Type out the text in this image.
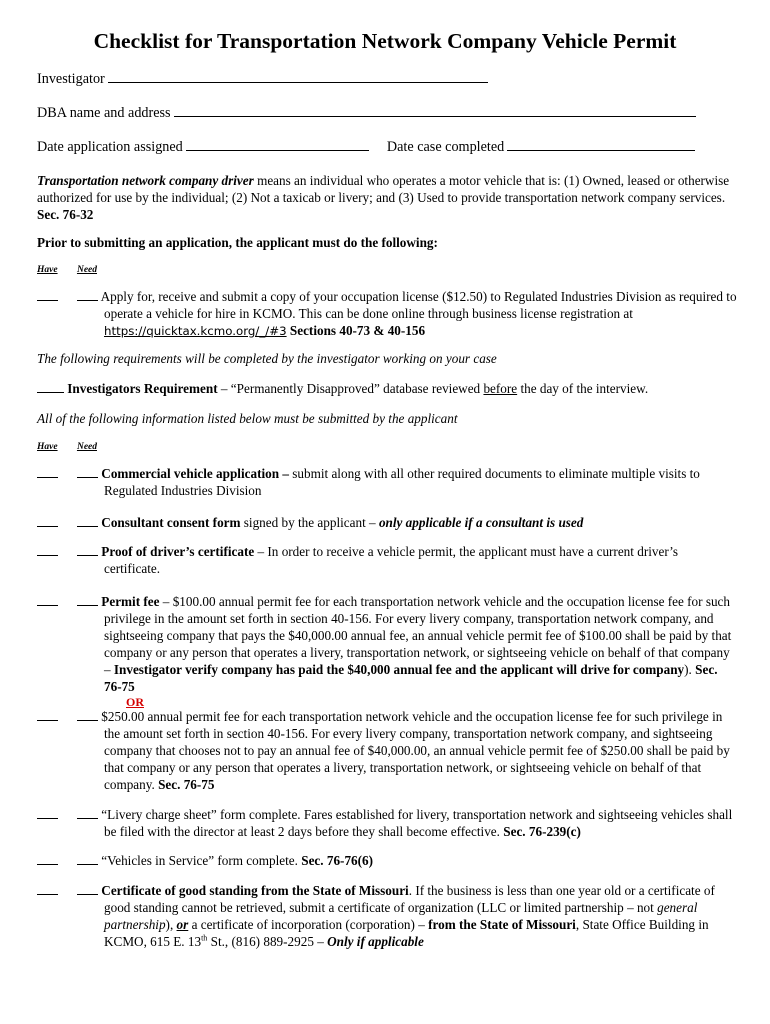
Checklist for Transportation Network Company Vehicle Permit
Investigator
DBA name and address
Date application assigned	Date case completed
Transportation network company driver means an individual who operates a motor vehicle that is: (1) Owned, leased or otherwise authorized for use by the individual; (2) Not a taxicab or livery; and (3) Used to provide transportation network company services. Sec. 76-32
Prior to submitting an application, the applicant must do the following:
Have Need
Apply for, receive and submit a copy of your occupation license ($12.50) to Regulated Industries Division as required to operate a vehicle for hire in KCMO. This can be done online through business license registration at https://quicktax.kcmo.org/_/#3 Sections 40-73 & 40-156
The following requirements will be completed by the investigator working on your case
Investigators Requirement – “Permanently Disapproved” database reviewed before the day of the interview.
All of the following information listed below must be submitted by the applicant
Have Need
Commercial vehicle application – submit along with all other required documents to eliminate multiple visits to Regulated Industries Division
Consultant consent form signed by the applicant – only applicable if a consultant is used
Proof of driver’s certificate – In order to receive a vehicle permit, the applicant must have a current driver’s certificate.
Permit fee – $100.00 annual permit fee for each transportation network vehicle and the occupation license fee for such privilege in the amount set forth in section 40-156. For every livery company, transportation network company, and sightseeing company that pays the $40,000.00 annual fee, an annual vehicle permit fee of $100.00 shall be paid by that company or any person that operates a livery, transportation network, or sightseeing vehicle on behalf of that company – Investigator verify company has paid the $40,000 annual fee and the applicant will drive for company). Sec. 76-75
OR
$250.00 annual permit fee for each transportation network vehicle and the occupation license fee for such privilege in the amount set forth in section 40-156. For every livery company, transportation network company, and sightseeing company that chooses not to pay an annual fee of $40,000.00, an annual vehicle permit fee of $250.00 shall be paid by that company or any person that operates a livery, transportation network, or sightseeing vehicle on behalf of that company. Sec. 76-75
“Livery charge sheet” form complete. Fares established for livery, transportation network and sightseeing vehicles shall be filed with the director at least 2 days before they shall become effective. Sec. 76-239(c)
“Vehicles in Service” form complete. Sec. 76-76(6)
Certificate of good standing from the State of Missouri. If the business is less than one year old or a certificate of good standing cannot be retrieved, submit a certificate of organization (LLC or limited partnership – not general partnership), or a certificate of incorporation (corporation) – from the State of Missouri, State Office Building in KCMO, 615 E. 13th St., (816) 889-2925 – Only if applicable
